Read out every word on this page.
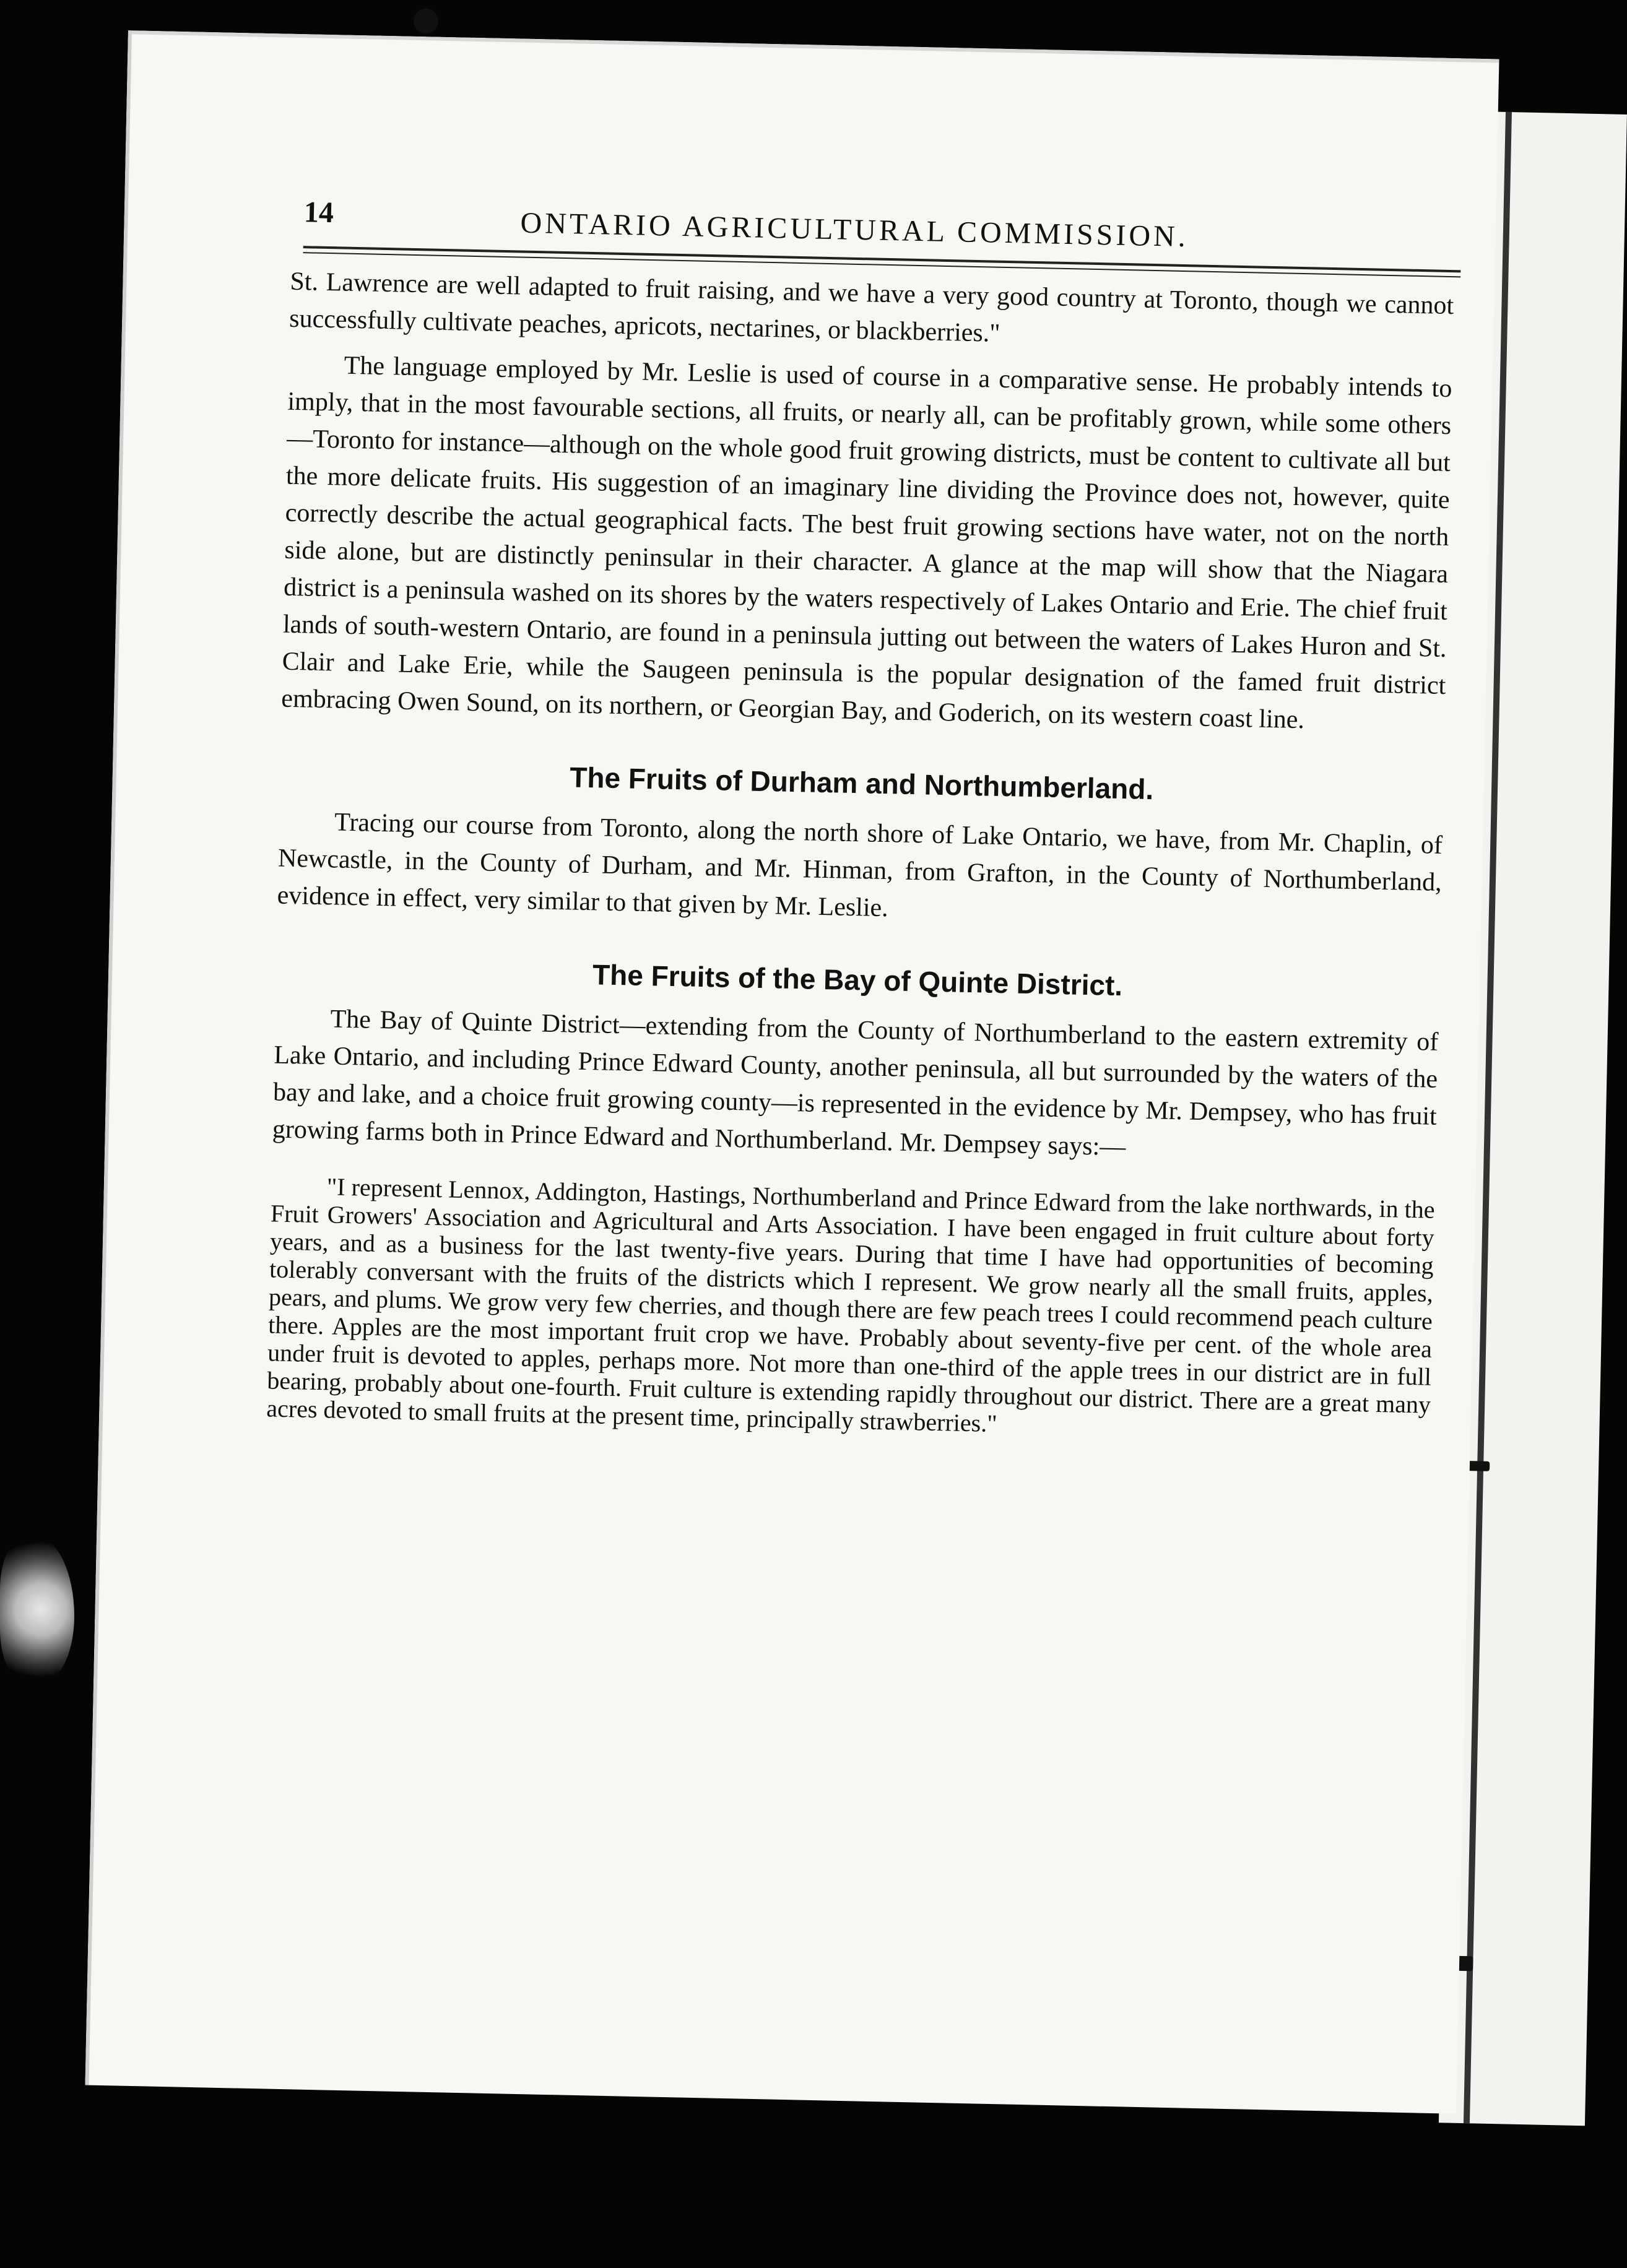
14	ONTARIO AGRICULTURAL COMMISSION.

St. Lawrence are well adapted to fruit raising, and we have a very good country at Toronto, though we cannot successfully cultivate peaches, apricots, nectarines, or blackberries."

The language employed by Mr. Leslie is used of course in a comparative sense. He probably intends to imply, that in the most favourable sections, all fruits, or nearly all, can be profitably grown, while some others—Toronto for instance—although on the whole good fruit growing districts, must be content to cultivate all but the more delicate fruits. His suggestion of an imaginary line dividing the Province does not, however, quite correctly describe the actual geographical facts. The best fruit growing sections have water, not on the north side alone, but are distinctly peninsular in their character. A glance at the map will show that the Niagara district is a peninsula washed on its shores by the waters respectively of Lakes Ontario and Erie. The chief fruit lands of south-western Ontario, are found in a peninsula jutting out between the waters of Lakes Huron and St. Clair and Lake Erie, while the Saugeen peninsula is the popular designation of the famed fruit district embracing Owen Sound, on its northern, or Georgian Bay, and Goderich, on its western coast line.

The Fruits of Durham and Northumberland.

Tracing our course from Toronto, along the north shore of Lake Ontario, we have, from Mr. Chaplin, of Newcastle, in the County of Durham, and Mr. Hinman, from Grafton, in the County of Northumberland, evidence in effect, very similar to that given by Mr. Leslie.

The Fruits of the Bay of Quinte District.

The Bay of Quinte District—extending from the County of Northumberland to the eastern extremity of Lake Ontario, and including Prince Edward County, another peninsula, all but surrounded by the waters of the bay and lake, and a choice fruit growing county—is represented in the evidence by Mr. Dempsey, who has fruit growing farms both in Prince Edward and Northumberland. Mr. Dempsey says:—

"I represent Lennox, Addington, Hastings, Northumberland and Prince Edward from the lake northwards, in the Fruit Growers' Association and Agricultural and Arts Association. I have been engaged in fruit culture about forty years, and as a business for the last twenty-five years. During that time I have had opportunities of becoming tolerably conversant with the fruits of the districts which I represent. We grow nearly all the small fruits, apples, pears, and plums. We grow very few cherries, and though there are few peach trees I could recommend peach culture there. Apples are the most important fruit crop we have. Probably about seventy-five per cent. of the whole area under fruit is devoted to apples, perhaps more. Not more than one-third of the apple trees in our district are in full bearing, probably about one-fourth. Fruit culture is extending rapidly throughout our district. There are a great many acres devoted to small fruits at the present time, principally strawberries."
